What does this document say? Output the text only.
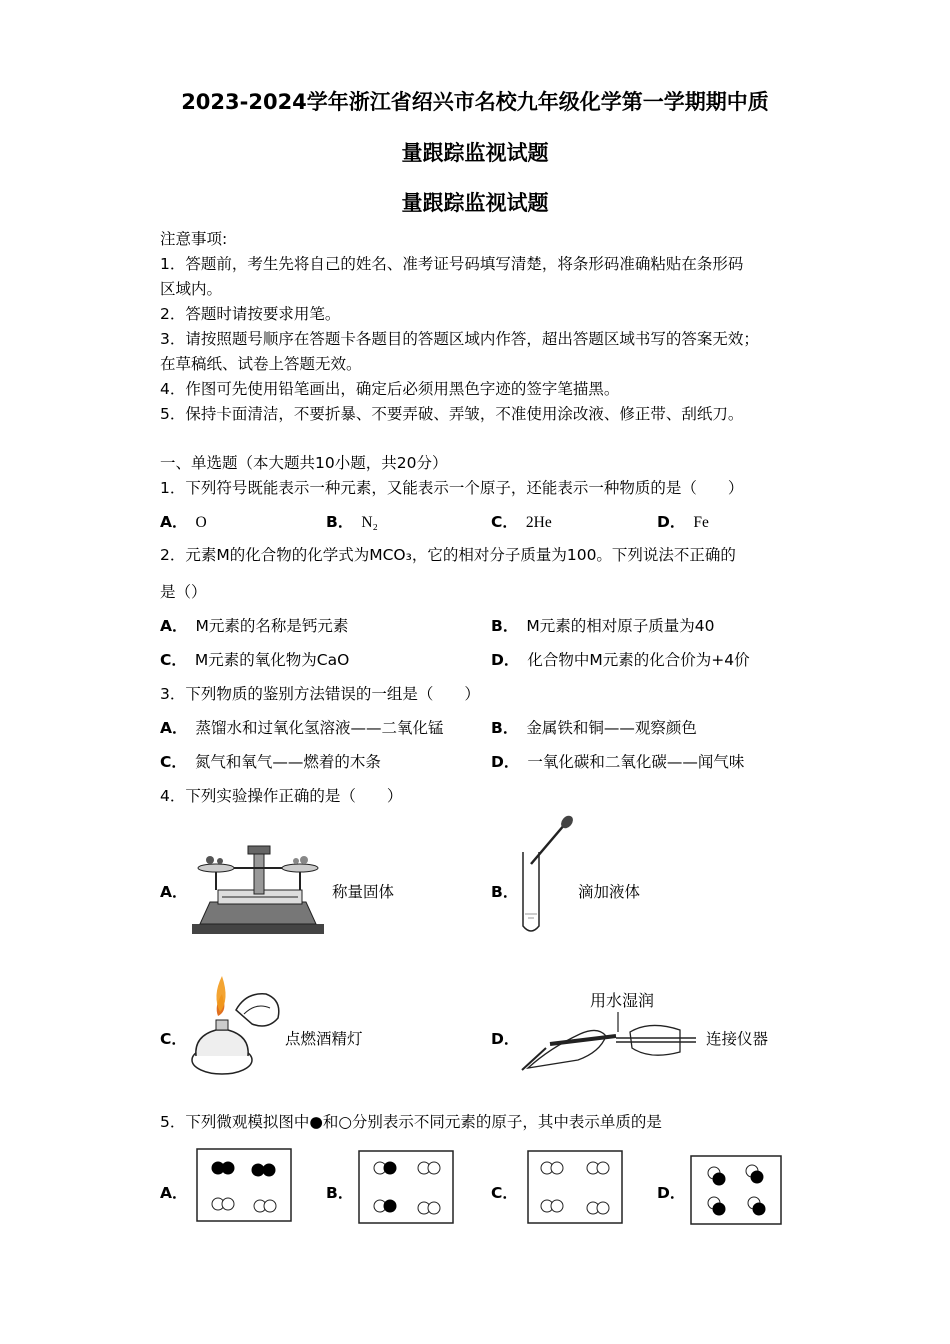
2023-2024学年浙江省绍兴市名校九年级化学第一学期期中质
量跟踪监视试题
量跟踪监视试题
注意事项:
1．答题前，考生先将自己的姓名、准考证号码填写清楚，将条形码准确粘贴在条形码
区域内。
2．答题时请按要求用笔。
3．请按照题号顺序在答题卡各题目的答题区域内作答，超出答题区域书写的答案无效；
在草稿纸、试卷上答题无效。
4．作图可先使用铅笔画出，确定后必须用黑色字迹的签字笔描黑。
5．保持卡面清洁，不要折暴、不要弄破、弄皱，不准使用涂改液、修正带、刮纸刀。
一、单选题（本大题共10小题，共20分）
1．下列符号既能表示一种元素，又能表示一个原子，还能表示一种物质的是（　　）
A． O	B． N₂	C． 2He	D． Fe
2．元素M的化合物的化学式为MCO₃，它的相对分子质量为100。下列说法不正确的
是（）
A． M元素的名称是钙元素	B． M元素的相对原子质量为40
C． M元素的氧化物为CaO	D． 化合物中M元素的化合价为+4价
3．下列物质的鉴别方法错误的一组是（　　）
A． 蒸馏水和过氧化氢溶液——二氧化锰	B． 金属铁和铜——观察颜色
C． 氮气和氧气——燃着的木条	D． 一氧化碳和二氧化碳——闻气味
4．下列实验操作正确的是（　　）
A．	称量固体	B．	滴加液体
C．	点燃酒精灯	D．
用水湿润
连接仪器
5．下列微观模拟图中●和○分别表示不同元素的原子，其中表示单质的是
A．	B．	C．	D．
